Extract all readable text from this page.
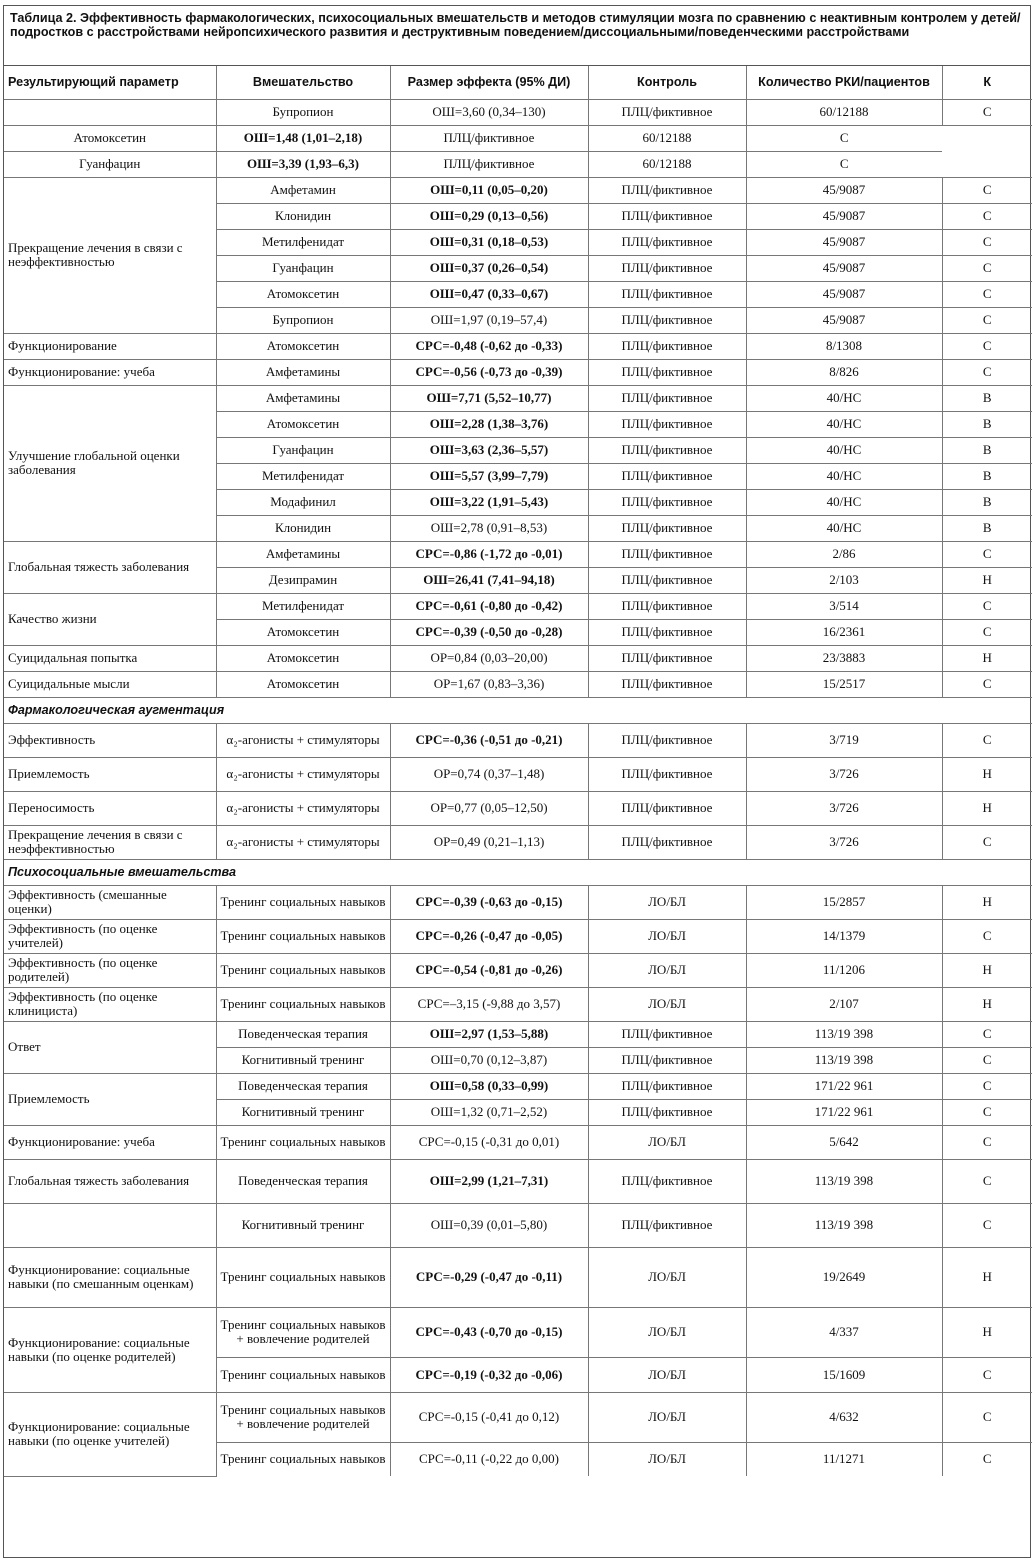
Таблица 2. Эффективность фармакологических, психосоциальных вмешательств и методов стимуляции мозга по сравнению с неактивным контролем у детей/подростков с расстройствами нейропсихического развития и деструктивным поведением/диссоциальными/поведенческими расстройствами
Результирующий параметр	Вмешательство	Размер эффекта (95% ДИ)	Контроль	Количество РКИ/пациентов	К
	Бупропион	ОШ=3,60 (0,34–130)	ПЛЦ/фиктивное	60/12188	С
Атомоксетин	ОШ=1,48 (1,01–2,18)	ПЛЦ/фиктивное	60/12188	С	
Гуанфацин	ОШ=3,39 (1,93–6,3)	ПЛЦ/фиктивное	60/12188	С	
Прекращение лечения в связи с неэффективностью	Амфетамин	ОШ=0,11 (0,05–0,20)	ПЛЦ/фиктивное	45/9087	С
	Клонидин	ОШ=0,29 (0,13–0,56)	ПЛЦ/фиктивное	45/9087	С
	Метилфенидат	ОШ=0,31 (0,18–0,53)	ПЛЦ/фиктивное	45/9087	С
	Гуанфацин	ОШ=0,37 (0,26–0,54)	ПЛЦ/фиктивное	45/9087	С
	Атомоксетин	ОШ=0,47 (0,33–0,67)	ПЛЦ/фиктивное	45/9087	С
	Бупропион	ОШ=1,97 (0,19–57,4)	ПЛЦ/фиктивное	45/9087	С
Функционирование	Атомоксетин	СРС=-0,48 (-0,62 до -0,33)	ПЛЦ/фиктивное	8/1308	С
Функционирование: учеба	Амфетамины	СРС=-0,56 (-0,73 до -0,39)	ПЛЦ/фиктивное	8/826	С
Улучшение глобальной оценки заболевания	Амфетамины	ОШ=7,71 (5,52–10,77)	ПЛЦ/фиктивное	40/НС	В
	Атомоксетин	ОШ=2,28 (1,38–3,76)	ПЛЦ/фиктивное	40/НС	В
	Гуанфацин	ОШ=3,63 (2,36–5,57)	ПЛЦ/фиктивное	40/НС	В
	Метилфенидат	ОШ=5,57 (3,99–7,79)	ПЛЦ/фиктивное	40/НС	В
	Модафинил	ОШ=3,22 (1,91–5,43)	ПЛЦ/фиктивное	40/НС	В
	Клонидин	ОШ=2,78 (0,91–8,53)	ПЛЦ/фиктивное	40/НС	В
Глобальная тяжесть заболевания	Амфетамины	СРС=-0,86 (-1,72 до -0,01)	ПЛЦ/фиктивное	2/86	С
	Дезипрамин	ОШ=26,41 (7,41–94,18)	ПЛЦ/фиктивное	2/103	Н
Качество жизни	Метилфенидат	СРС=-0,61 (-0,80 до -0,42)	ПЛЦ/фиктивное	3/514	С
	Атомоксетин	СРС=-0,39 (-0,50 до -0,28)	ПЛЦ/фиктивное	16/2361	С
Суицидальная попытка	Атомоксетин	ОР=0,84 (0,03–20,00)	ПЛЦ/фиктивное	23/3883	Н
Суицидальные мысли	Атомоксетин	ОР=1,67 (0,83–3,36)	ПЛЦ/фиктивное	15/2517	С
Фармакологическая аугментация					
Эффективность	α₂-агонисты + стимуляторы	СРС=-0,36 (-0,51 до -0,21)	ПЛЦ/фиктивное	3/719	С
Приемлемость	α₂-агонисты + стимуляторы	ОР=0,74 (0,37–1,48)	ПЛЦ/фиктивное	3/726	Н
Переносимость	α₂-агонисты + стимуляторы	ОР=0,77 (0,05–12,50)	ПЛЦ/фиктивное	3/726	Н
Прекращение лечения в связи с неэффективностью	α₂-агонисты + стимуляторы	ОР=0,49 (0,21–1,13)	ПЛЦ/фиктивное	3/726	С
Психосоциальные вмешательства					
Эффективность (смешанные оценки)	Тренинг социальных навыков	СРС=-0,39 (-0,63 до -0,15)	ЛО/БЛ	15/2857	Н
Эффективность (по оценке учителей)	Тренинг социальных навыков	СРС=-0,26 (-0,47 до -0,05)	ЛО/БЛ	14/1379	С
Эффективность (по оценке родителей)	Тренинг социальных навыков	СРС=-0,54 (-0,81 до -0,26)	ЛО/БЛ	11/1206	Н
Эффективность (по оценке клинициста)	Тренинг социальных навыков	СРС=–3,15 (-9,88 до 3,57)	ЛО/БЛ	2/107	Н
Ответ	Поведенческая терапия	ОШ=2,97 (1,53–5,88)	ПЛЦ/фиктивное	113/19 398	С
	Когнитивный тренинг	ОШ=0,70 (0,12–3,87)	ПЛЦ/фиктивное	113/19 398	С
Приемлемость	Поведенческая терапия	ОШ=0,58 (0,33–0,99)	ПЛЦ/фиктивное	171/22 961	С
	Когнитивный тренинг	ОШ=1,32 (0,71–2,52)	ПЛЦ/фиктивное	171/22 961	С
Функционирование: учеба	Тренинг социальных навыков	СРС=-0,15 (-0,31 до 0,01)	ЛО/БЛ	5/642	С
Глобальная тяжесть заболевания	Поведенческая терапия	ОШ=2,99 (1,21–7,31)	ПЛЦ/фиктивное	113/19 398	С
	Когнитивный тренинг	ОШ=0,39 (0,01–5,80)	ПЛЦ/фиктивное	113/19 398	С
Функционирование: социальные навыки (по смешанным оценкам)	Тренинг социальных навыков	СРС=-0,29 (-0,47 до -0,11)	ЛО/БЛ	19/2649	Н
Функционирование: социальные навыки (по оценке родителей)	Тренинг социальных навыков + вовлечение родителей	СРС=-0,43 (-0,70 до -0,15)	ЛО/БЛ	4/337	Н
	Тренинг социальных навыков	СРС=-0,19 (-0,32 до -0,06)	ЛО/БЛ	15/1609	С
Функционирование: социальные навыки (по оценке учителей)	Тренинг социальных навыков + вовлечение родителей	СРС=-0,15 (-0,41 до 0,12)	ЛО/БЛ	4/632	С
	Тренинг социальных навыков	СРС=-0,11 (-0,22 до 0,00)	ЛО/БЛ	11/1271	С
